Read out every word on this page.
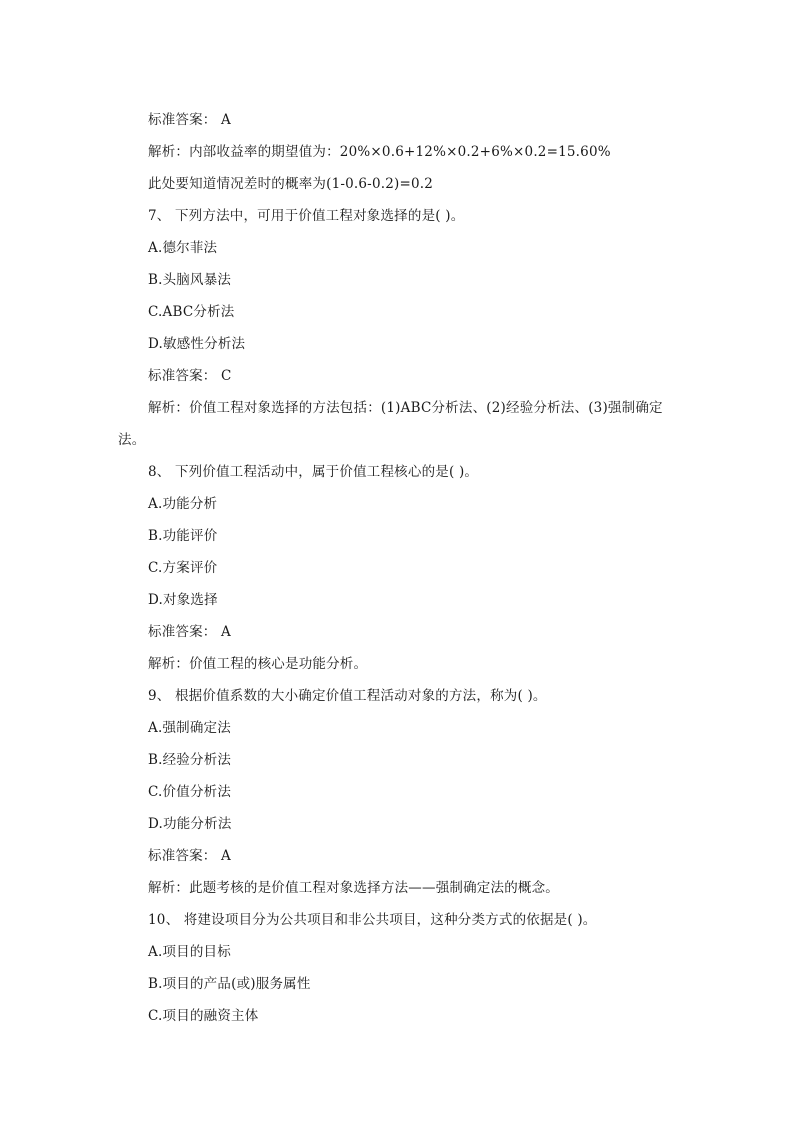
标准答案： A
解析：内部收益率的期望值为：20%×0.6+12%×0.2+6%×0.2=15.60%
此处要知道情况差时的概率为(1-0.6-0.2)=0.2
7、 下列方法中，可用于价值工程对象选择的是( )。
A.德尔菲法
B.头脑风暴法
C.ABC分析法
D.敏感性分析法
标准答案： C
解析：价值工程对象选择的方法包括：(1)ABC分析法、(2)经验分析法、(3)强制确定
法。
8、 下列价值工程活动中，属于价值工程核心的是( )。
A.功能分析
B.功能评价
C.方案评价
D.对象选择
标准答案： A
解析：价值工程的核心是功能分析。
9、 根据价值系数的大小确定价值工程活动对象的方法，称为( )。
A.强制确定法
B.经验分析法
C.价值分析法
D.功能分析法
标准答案： A
解析：此题考核的是价值工程对象选择方法——强制确定法的概念。
10、 将建设项目分为公共项目和非公共项目，这种分类方式的依据是( )。
A.项目的目标
B.项目的产品(或)服务属性
C.项目的融资主体
